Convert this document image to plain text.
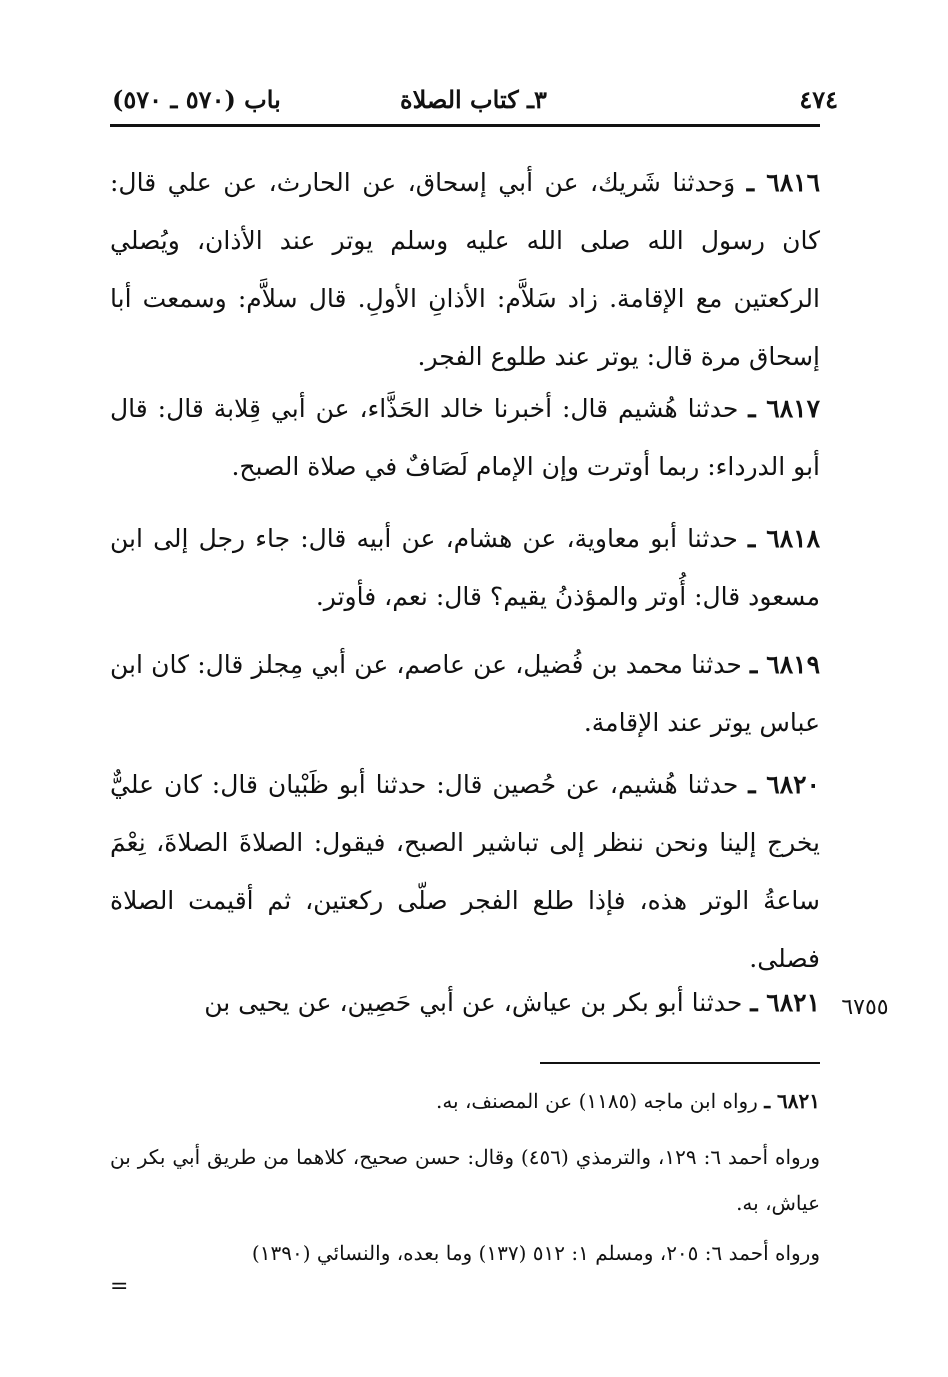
٤٧٤
٣ـ كتاب الصلاة
باب (٥٧٠ ـ ٥٧٠)
٦٨١٦ ـ وَحدثنا شَريك، عن أبي إسحاق، عن الحارث، عن علي قال: كان رسول الله صلى الله عليه وسلم يوتر عند الأذان، ويُصلي الركعتين مع الإقامة. زاد سَلاَّم: الأذانِ الأولِ. قال سلاَّم: وسمعت أبا إسحاق مرة قال: يوتر عند طلوع الفجر.
٦٨١٧ ـ حدثنا هُشيم قال: أخبرنا خالد الحَذَّاء، عن أبي قِلابة قال: قال أبو الدرداء: ربما أوترت وإن الإمام لَصَافٌ في صلاة الصبح.
٦٨١٨ ـ حدثنا أبو معاوية، عن هشام، عن أبيه قال: جاء رجل إلى ابن مسعود قال: أُوتر والمؤذنُ يقيم؟ قال: نعم، فأوتر.
٦٨١٩ ـ حدثنا محمد بن فُضيل، عن عاصم، عن أبي مِجلز قال: كان ابن عباس يوتر عند الإقامة.
٦٨٢٠ ـ حدثنا هُشيم، عن حُصين قال: حدثنا أبو ظَبْيان قال: كان عليٌّ يخرج إلينا ونحن ننظر إلى تباشير الصبح، فيقول: الصلاةَ الصلاةَ، نِعْمَ ساعةُ الوتر هذه، فإذا طلع الفجر صلّى ركعتين، ثم أقيمت الصلاة فصلى.
٦٨٢١ ـ حدثنا أبو بكر بن عياش، عن أبي حَصِين، عن يحيى بن	٦٧٥٥
٦٨٢١ ـ رواه ابن ماجه (١١٨٥) عن المصنف، به.
ورواه أحمد ٦: ١٢٩، والترمذي (٤٥٦) وقال: حسن صحيح، كلاهما من طريق أبي بكر بن عياش، به.
ورواه أحمد ٦: ٢٠٥، ومسلم ١: ٥١٢ (١٣٧) وما بعده، والنسائي (١٣٩٠)
=
